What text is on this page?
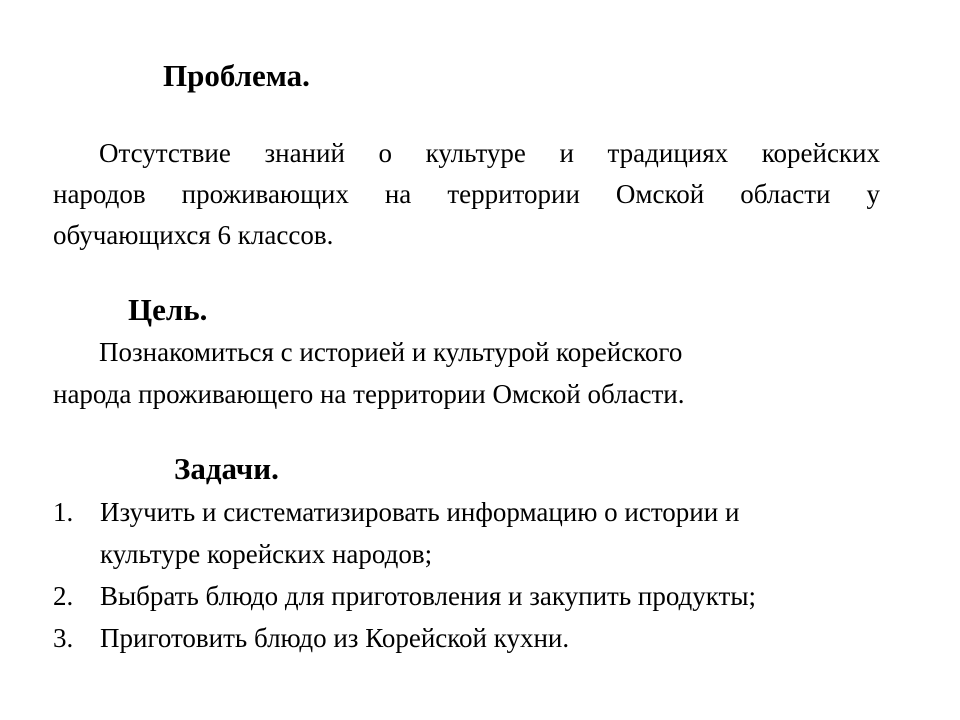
Проблема.
Отсутствие знаний о культуре и традициях корейских
народов проживающих на территории Омской области у
обучающихся 6 классов.
Цель.
Познакомиться с историей и культурой корейского
народа проживающего на территории Омской области.
Задачи.
1. Изучить и систематизировать информацию о истории и
культуре корейских народов;
2. Выбрать блюдо для приготовления и закупить продукты;
3. Приготовить блюдо из Корейской кухни.
